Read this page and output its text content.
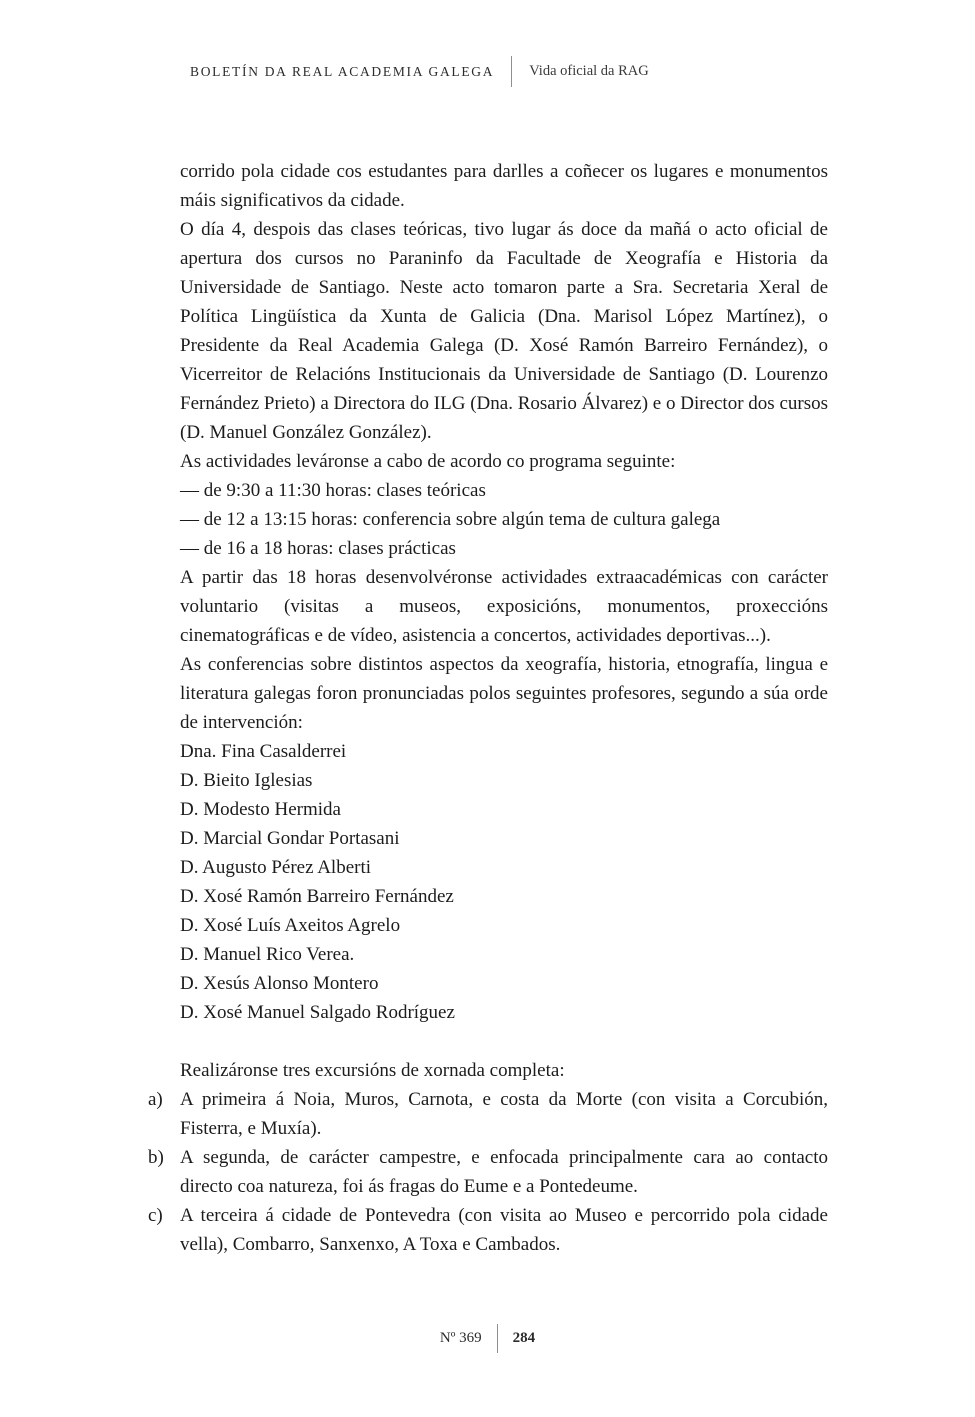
BOLETÍN DA REAL ACADEMIA GALEGA Vida oficial da RAG

corrido pola cidade cos estudantes para darlles a coñecer os lugares e monumentos máis significativos da cidade.

O día 4, despois das clases teóricas, tivo lugar ás doce da mañá o acto oficial de apertura dos cursos no Paraninfo da Facultade de Xeografía e Historia da Universidade de Santiago. Neste acto tomaron parte a Sra. Secretaria Xeral de Política Lingüística da Xunta de Galicia (Dna. Marisol López Martínez), o Presidente da Real Academia Galega (D. Xosé Ramón Barreiro Fernández), o Vicerreitor de Relacións Institucionais da Universidade de Santiago (D. Lourenzo Fernández Prieto) a Directora do ILG (Dna. Rosario Álvarez) e o Director dos cursos (D. Manuel González González).

As actividades leváronse a cabo de acordo co programa seguinte:

— de 9:30 a 11:30 horas: clases teóricas

— de 12 a 13:15 horas: conferencia sobre algún tema de cultura galega

— de 16 a 18 horas: clases prácticas

A partir das 18 horas desenvolvéronse actividades extraacadémicas con carácter voluntario (visitas a museos, exposicións, monumentos, proxeccións cinematográficas e de vídeo, asistencia a concertos, actividades deportivas...).

As conferencias sobre distintos aspectos da xeografía, historia, etnografía, lingua e literatura galegas foron pronunciadas polos seguintes profesores, segundo a súa orde de intervención:

Dna. Fina Casalderrei

D. Bieito Iglesias

D. Modesto Hermida

D. Marcial Gondar Portasani

D. Augusto Pérez Alberti

D. Xosé Ramón Barreiro Fernández

D. Xosé Luís Axeitos Agrelo

D. Manuel Rico Verea.

D. Xesús Alonso Montero

D. Xosé Manuel Salgado Rodríguez

Realizáronse tres excursións de xornada completa:

a) A primeira á Noia, Muros, Carnota, e costa da Morte (con visita a Corcubión, Fisterra, e Muxía).

b) A segunda, de carácter campestre, e enfocada principalmente cara ao contacto directo coa natureza, foi ás fragas do Eume e a Pontedeume.

c) A terceira á cidade de Pontevedra (con visita ao Museo e percorrido pola cidade vella), Combarro, Sanxenxo, A Toxa e Cambados.

Nº 369 284
